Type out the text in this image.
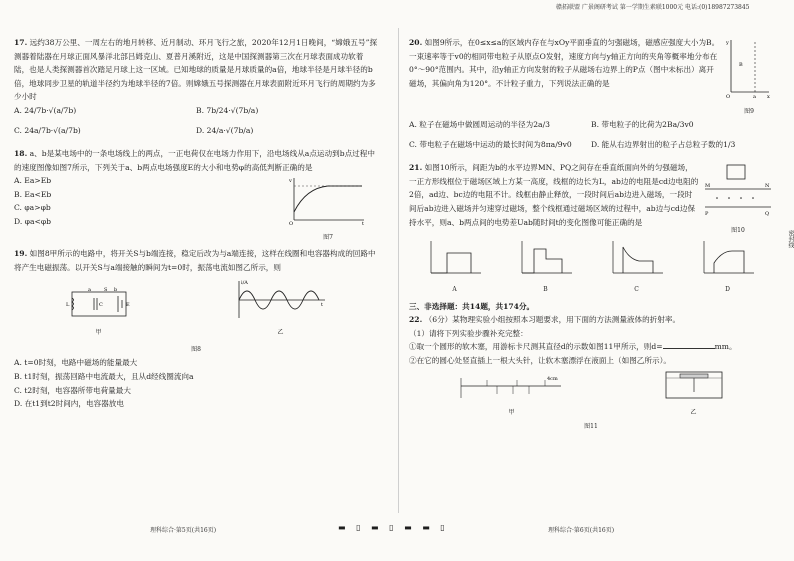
赣拓联盟 广景阁研考试 第一学期生素联1000元 电话:(0)18987273845
密封线
17. 远约38万公里、一周左右的地月转移、近月制动、环月飞行之旅，2020年12月1日晚间，“嫦娥五号”探测器着陆器在月球正面风暴洋北部吕姆克山、夏普月溪附近，这是中国探测器第三次在月球表面成功软着陆，也是人类探测器首次踏足月球上这一区域。已知地球的质量是月球质量的a倍，地球半径是月球半径的b倍，地球同步卫星的轨道半径约为地球半径的7倍。则嫦娥五号探测器在月球表面附近环月飞行的周期约为多少小时
A. 24/7b·√(a/7b)	B. 7b/24·√(7b/a)
C. 24a/7b·√(a/7b)	D. 24/a·√(7b/a)
18. a、b是某电场中的一条电场线上的两点，一正电荷仅在电场力作用下，沿电场线从a点运动到b点过程中的速度图像如图7所示，下列关于a、b两点电场强度E的大小和电势φ的高低判断正确的是
A. Ea>Eb
B. Ea<Eb
C. φa>φb
D. φa<φb
v
t
O
图7
19. 如图8甲所示的电路中，将开关S与b端连接，稳定后改为与a端连接，这样在线圈和电容器构成的回路中将产生电磁振荡。以开关S与a端接触的瞬间为t=0时，振荡电流如图乙所示，则
L	C
S
a	b
E
甲
i/A
t
乙
图8
A. t=0时刻，电路中磁场的能量最大
B. t1时刻，振荡回路中电流最大，且从d经线圈流向a
C. t2时刻，电容器所带电荷量最大
D. 在t1到t2时间内，电容器放电
理科综合·第5页(共16页)
20. 如图9所示，在0≤x≤a的区域内存在与xOy平面垂直的匀强磁场，磁感应强度大小为B。一束速率等于v0的相同带电粒子从原点O发射，速度方向与y轴正方向的夹角等概率地分布在0°～90°范围内。其中，沿y轴正方向发射的粒子从磁场右边界上的P点（图中未标出）离开磁场，其偏向角为120°。不计粒子重力，下列说法正确的是
y
x
O	a
B
图9
A. 粒子在磁场中做圆周运动的半径为2a/3	B. 带电粒子的比荷为2Ba/3v0
C. 带电粒子在磁场中运动的最长时间为8πa/9v0	D. 能从右边界射出的粒子占总粒子数的1/3
21. 如图10所示，间距为b的水平边界MN、PQ之间存在垂直纸面向外的匀强磁场，一正方形线框位于磁场区域上方某一高度，线框的边长为L，ab边的电阻是cd边电阻的2倍，ad边、bc边的电阻不计。线框由静止释放，一段时间后ab边进入磁场，一段时间后ab边进入磁场并匀速穿过磁场，整个线框通过磁场区域的过程中，ab边与cd边保持水平，则a、b两点间的电势差Uab随时间t的变化图像可能正确的是
M	N
P	Q
图10
A	B	C	D
三、非选择题：共14题，共174分。
22. （6分）某物理实验小组按照本习题要求，用下面的方法测量液体的折射率。
（1）请将下列实验步骤补充完整：
①取一个圆形的软木塞，用游标卡尺测其直径d的示数如图11甲所示，则d=	mm。
②在它的圆心处竖直插上一根大头针，让软木塞漂浮在液面上（如图乙所示）。
4cm
甲	乙
图11
理科综合·第6页(共16页)
▬ ▯ ▬ ▯ ▬ ▬ ▯
